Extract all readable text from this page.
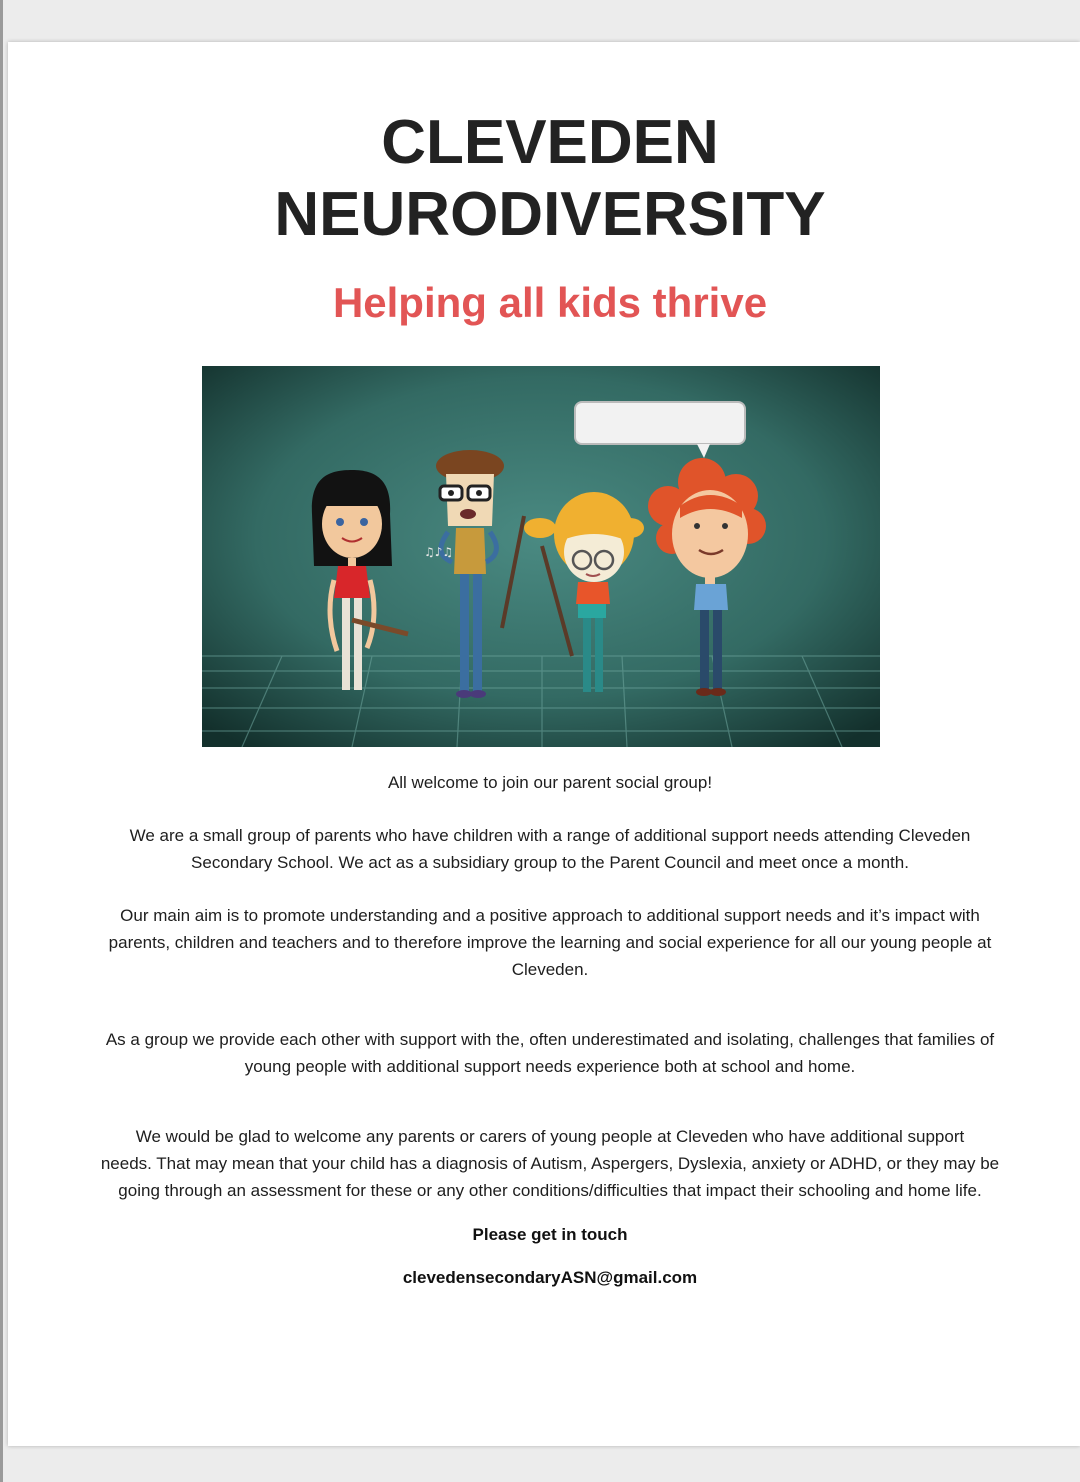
CLEVEDEN
NEURODIVERSITY
Helping all kids thrive
♫♪♫

All welcome to join our parent social group!

We are a small group of parents who have children with a range of additional support needs attending Cleveden

Secondary School. We act as a subsidiary group to the Parent Council and meet once a month.

Our main aim is to promote understanding and a positive approach to additional support needs and it’s impact with

parents, children and teachers and to therefore improve the learning and social experience for all our young people at

Cleveden.

As a group we provide each other with support with the, often underestimated and isolating, challenges that families of

young people with additional support needs experience both at school and home.

We would be glad to welcome any parents or carers of young people at Cleveden who have additional support

needs. That may mean that your child has a diagnosis of Autism, Aspergers, Dyslexia, anxiety or ADHD, or they may be

going through an assessment for these or any other conditions/difficulties that impact their schooling and home life.

Please get in touch

clevedensecondaryASN@gmail.com
